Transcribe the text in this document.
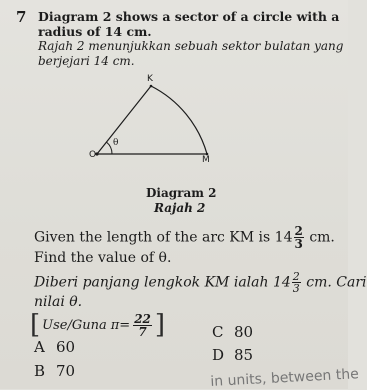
7 Diagram 2 shows a sector of a circle with a
radius of 14 cm.
Rajah 2 menunjukkan sebuah sektor bulatan yang
berjejari 14 cm.
K
O	M
θ
Diagram 2
Rajah 2
Given the length of the arc KM is $14 \frac{2}{3}$ cm.
Find the value of θ.
Diberi panjang lengkok KM ialah $14 \frac{2}{3}$ cm. Cari
nilai θ.
[ Use/Guna $\pi= \frac{22}{7}$ ]
A 60
B 70
C 80
D 85
in units, between the
